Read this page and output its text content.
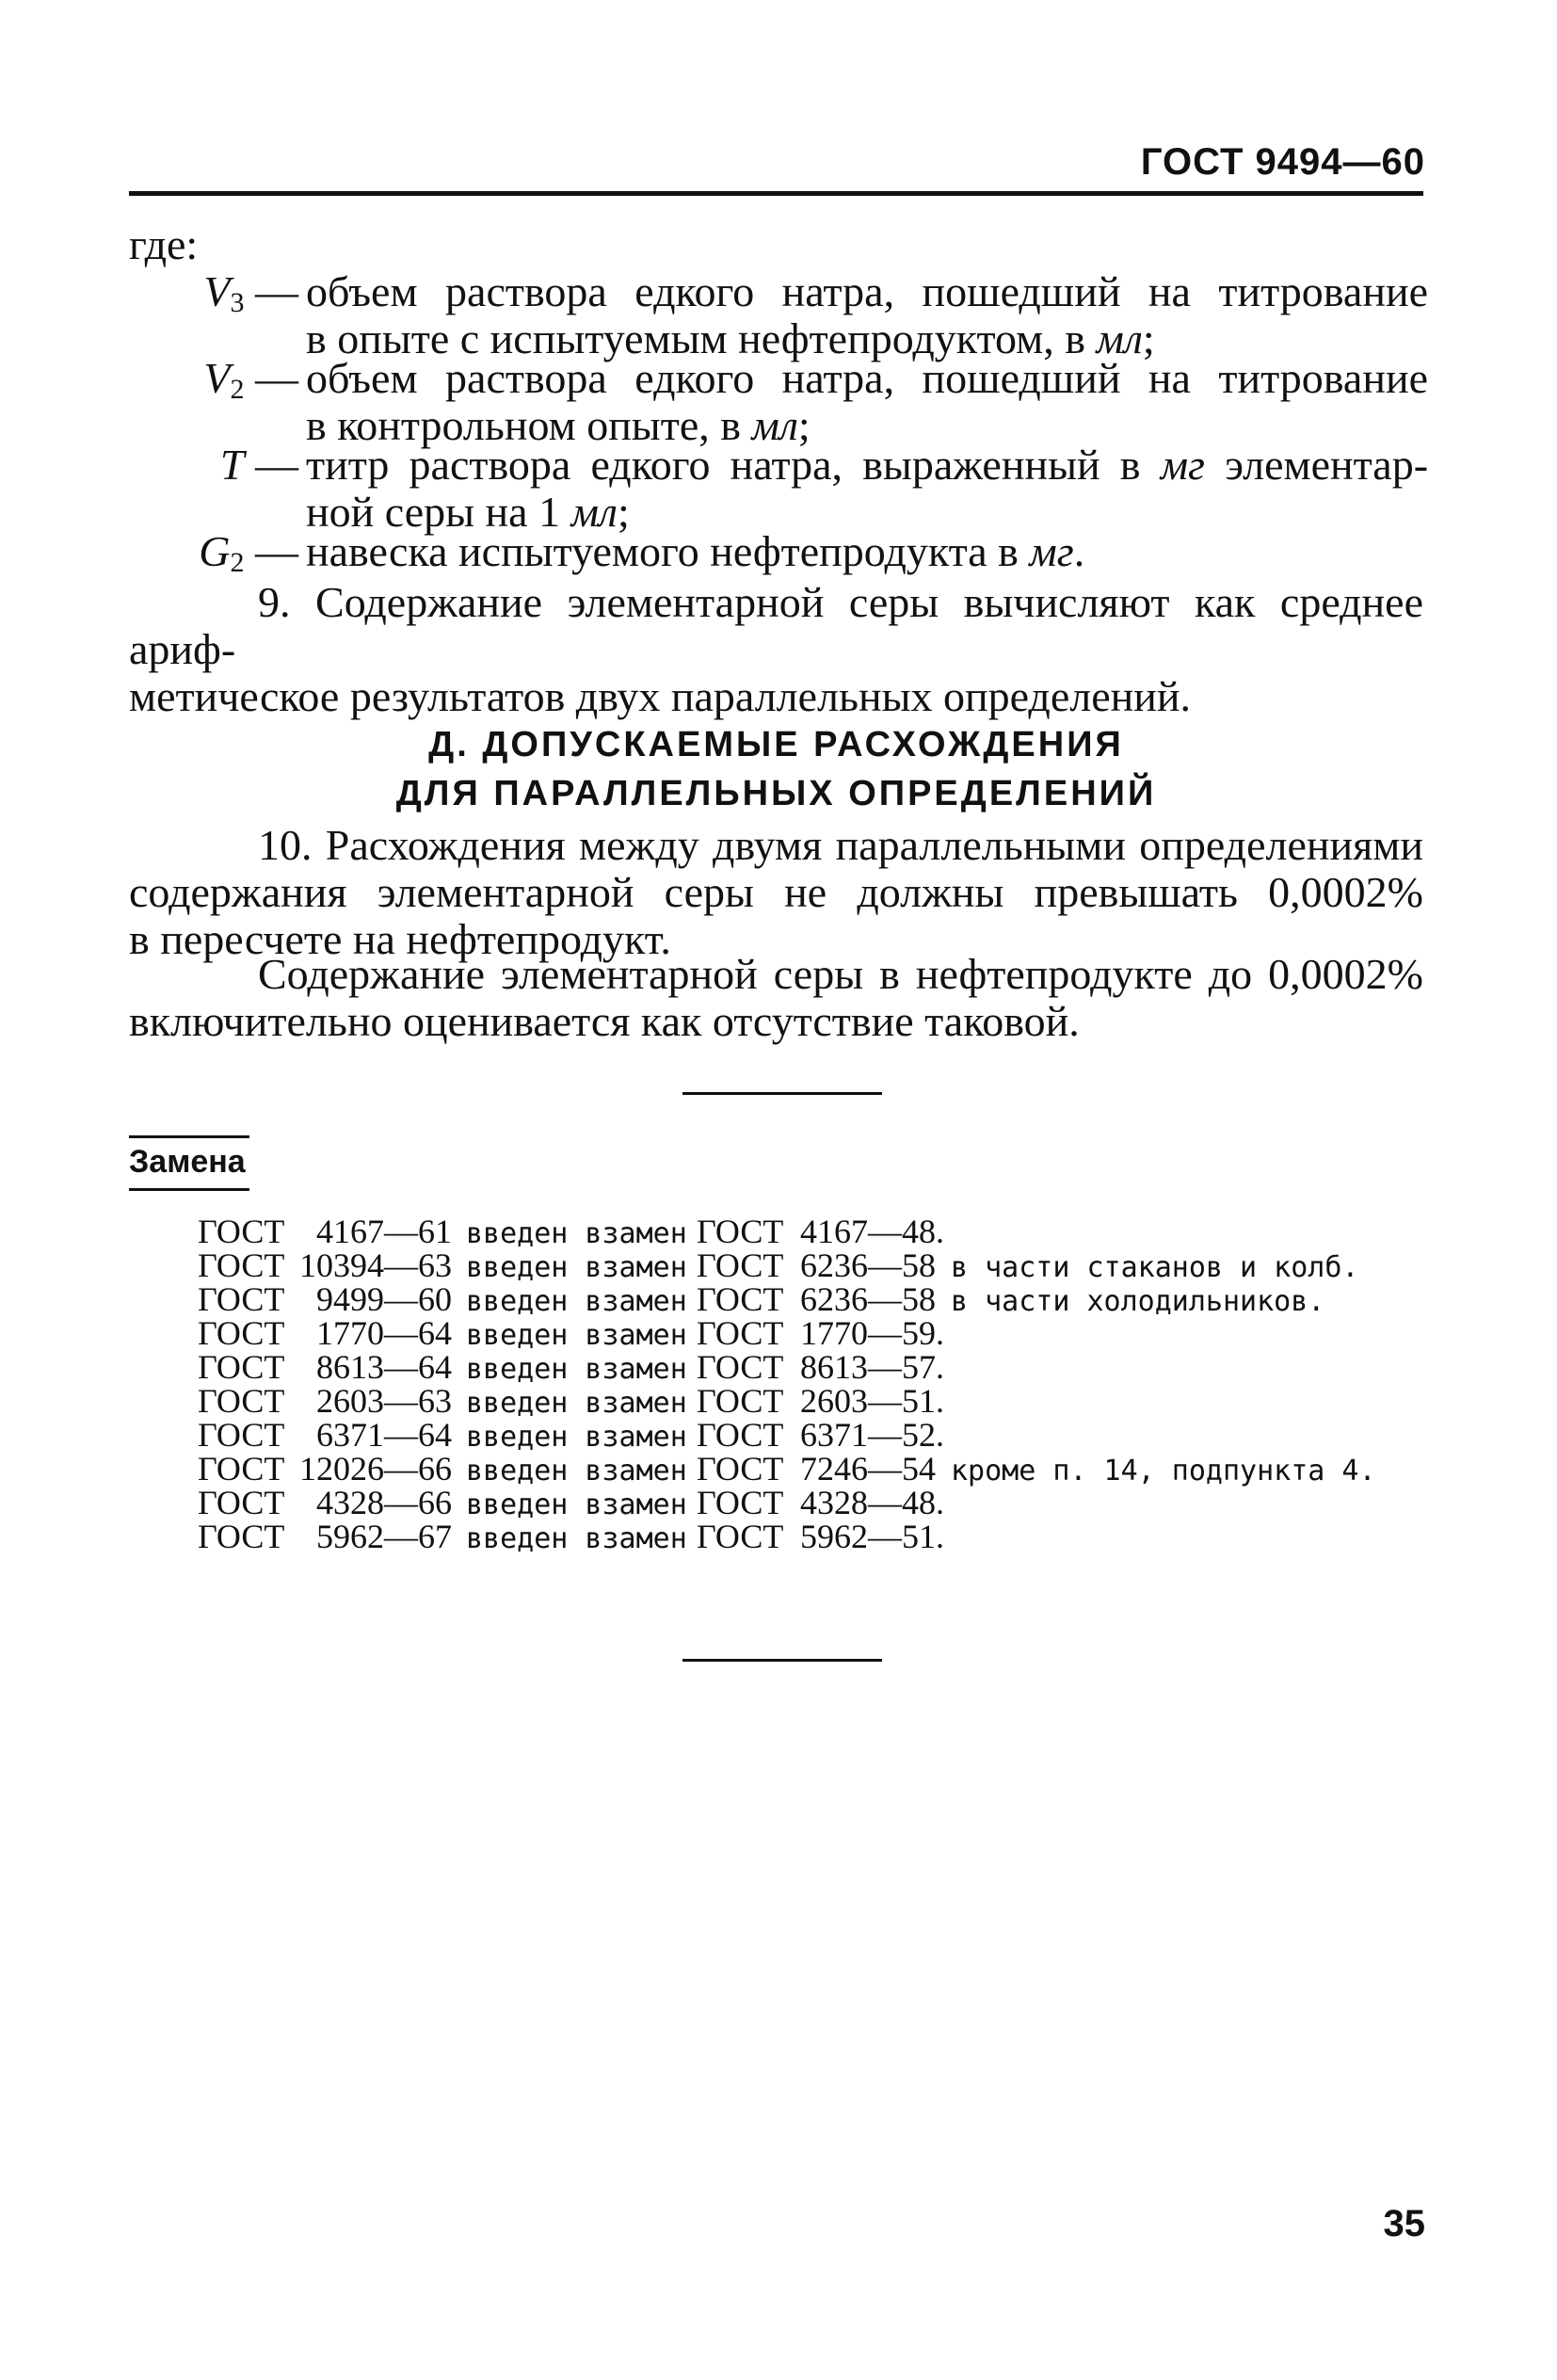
ГОСТ 9494—60
где:
$V_3$ — объем раствора едкого натра, пошедший на титрование
в опыте с испытуемым нефтепродуктом, в мл;
$V_2$ — объем раствора едкого натра, пошедший на титрование
в контрольном опыте, в мл;
T — титр раствора едкого натра, выраженный в мг элементар-
ной серы на 1 мл;
$G_2$ — навеска испытуемого нефтепродукта в мг.
9. Содержание элементарной серы вычисляют как среднее ариф-
метическое результатов двух параллельных определений.
Д. ДОПУСКАЕМЫЕ РАСХОЖДЕНИЯ
ДЛЯ ПАРАЛЛЕЛЬНЫХ ОПРЕДЕЛЕНИЙ
10. Расхождения между двумя параллельными определениями
содержания элементарной серы не должны превышать 0,0002%
в пересчете на нефтепродукт.
Содержание элементарной серы в нефтепродукте до 0,0002%
включительно оценивается как отсутствие таковой.
Замена
ГОСТ 4167—61 введен взамен ГОСТ 4167—48.
ГОСТ 10394—63 введен взамен ГОСТ 6236—58 в части стаканов и колб.
ГОСТ 9499—60 введен взамен ГОСТ 6236—58 в части холодильников.
ГОСТ 1770—64 введен взамен ГОСТ 1770—59.
ГОСТ 8613—64 введен взамен ГОСТ 8613—57.
ГОСТ 2603—63 введен взамен ГОСТ 2603—51.
ГОСТ 6371—64 введен взамен ГОСТ 6371—52.
ГОСТ 12026—66 введен взамен ГОСТ 7246—54 кроме п. 14, подпункта 4.
ГОСТ 4328—66 введен взамен ГОСТ 4328—48.
ГОСТ 5962—67 введен взамен ГОСТ 5962—51.
35
